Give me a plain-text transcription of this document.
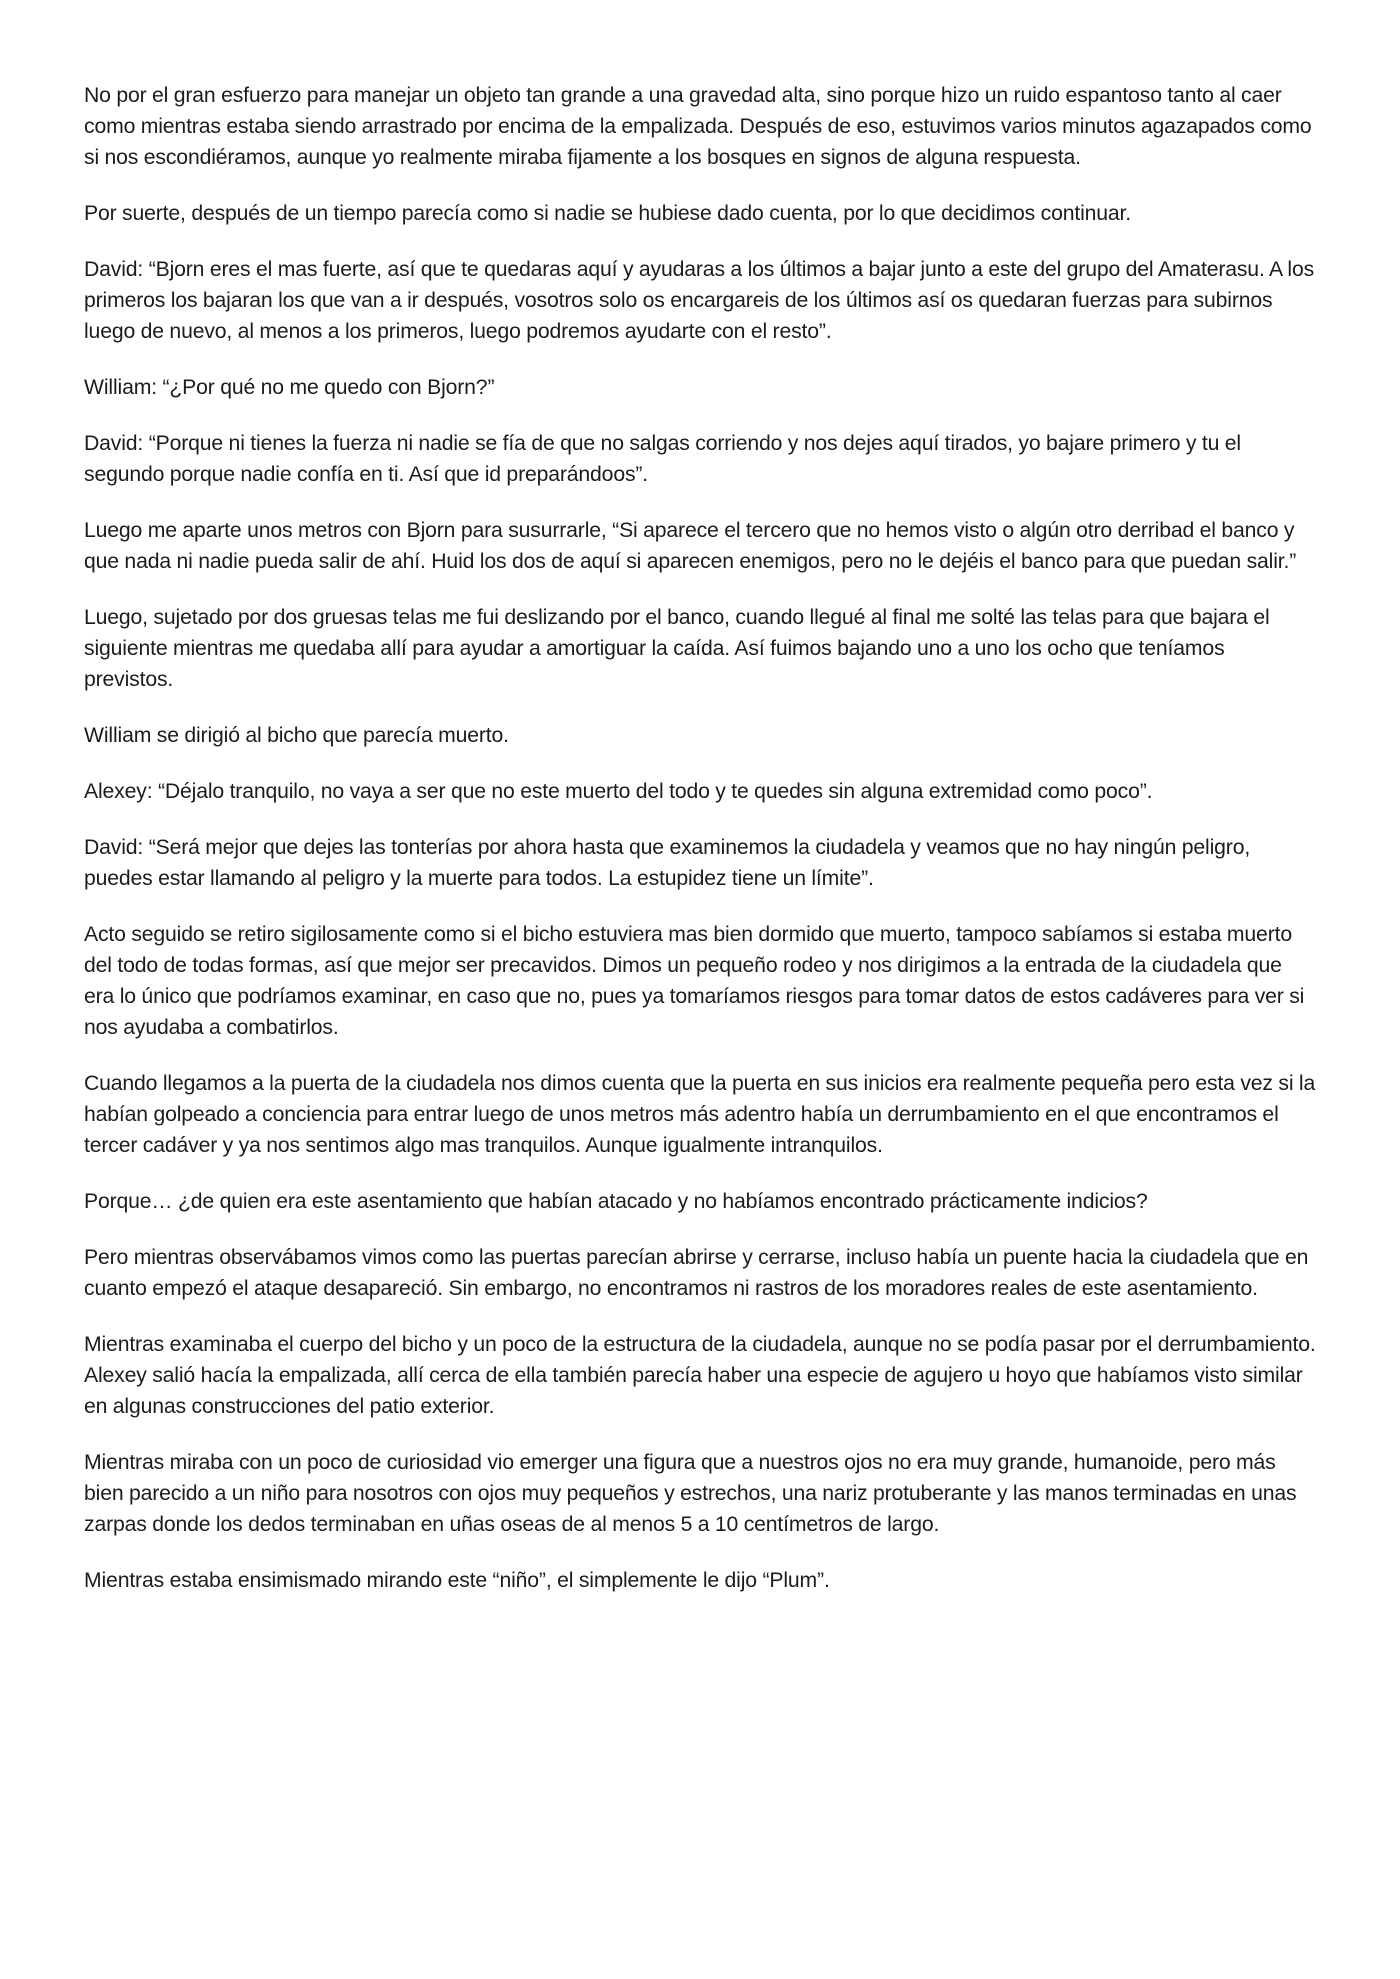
No por el gran esfuerzo para manejar un objeto tan grande a una gravedad alta, sino porque hizo un ruido espantoso tanto al caer como mientras estaba siendo arrastrado por encima de la empalizada. Después de eso, estuvimos varios minutos agazapados como si nos escondiéramos, aunque yo realmente miraba fijamente a los bosques en signos de alguna respuesta.

Por suerte, después de un tiempo parecía como si nadie se hubiese dado cuenta, por lo que decidimos continuar.

David: “Bjorn eres el mas fuerte, así que te quedaras aquí y ayudaras a los últimos a bajar junto a este del grupo del Amaterasu. A los primeros los bajaran los que van a ir después, vosotros solo os encargareis de los últimos así os quedaran fuerzas para subirnos luego de nuevo, al menos a los primeros, luego podremos ayudarte con el resto”.

William: “¿Por qué no me quedo con Bjorn?”

David: “Porque ni tienes la fuerza ni nadie se fía de que no salgas corriendo y nos dejes aquí tirados, yo bajare primero y tu el segundo porque nadie confía en ti. Así que id preparándoos”.

Luego me aparte unos metros con Bjorn para susurrarle, “Si aparece el tercero que no hemos visto o algún otro derribad el banco y que nada ni nadie pueda salir de ahí. Huid los dos de aquí si aparecen enemigos, pero no le dejéis el banco para que puedan salir.”

Luego, sujetado por dos gruesas telas me fui deslizando por el banco, cuando llegué al final me solté las telas para que bajara el siguiente mientras me quedaba allí para ayudar a amortiguar la caída. Así fuimos bajando uno a uno los ocho que teníamos previstos.

William se dirigió al bicho que parecía muerto.

Alexey: “Déjalo tranquilo, no vaya a ser que no este muerto del todo y te quedes sin alguna extremidad como poco”.

David: “Será mejor que dejes las tonterías por ahora hasta que examinemos la ciudadela y veamos que no hay ningún peligro, puedes estar llamando al peligro y la muerte para todos. La estupidez tiene un límite”.

Acto seguido se retiro sigilosamente como si el bicho estuviera mas bien dormido que muerto, tampoco sabíamos si estaba muerto del todo de todas formas, así que mejor ser precavidos. Dimos un pequeño rodeo y nos dirigimos a la entrada de la ciudadela que era lo único que podríamos examinar, en caso que no, pues ya tomaríamos riesgos para tomar datos de estos cadáveres para ver si nos ayudaba a combatirlos.

Cuando llegamos a la puerta de la ciudadela nos dimos cuenta que la puerta en sus inicios era realmente pequeña pero esta vez si la habían golpeado a conciencia para entrar luego de unos metros más adentro había un derrumbamiento en el que encontramos el tercer cadáver y ya nos sentimos algo mas tranquilos. Aunque igualmente intranquilos.

Porque… ¿de quien era este asentamiento que habían atacado y no habíamos encontrado prácticamente indicios?

Pero mientras observábamos vimos como las puertas parecían abrirse y cerrarse, incluso había un puente hacia la ciudadela que en cuanto empezó el ataque desapareció. Sin embargo, no encontramos ni rastros de los moradores reales de este asentamiento.

Mientras examinaba el cuerpo del bicho y un poco de la estructura de la ciudadela, aunque no se podía pasar por el derrumbamiento. Alexey salió hacía la empalizada, allí cerca de ella también parecía haber una especie de agujero u hoyo que habíamos visto similar en algunas construcciones del patio exterior.

Mientras miraba con un poco de curiosidad vio emerger una figura que a nuestros ojos no era muy grande, humanoide, pero más bien parecido a un niño para nosotros con ojos muy pequeños y estrechos, una nariz protuberante y las manos terminadas en unas zarpas donde los dedos terminaban en uñas oseas de al menos 5 a 10 centímetros de largo.

Mientras estaba ensimismado mirando este “niño”, el simplemente le dijo “Plum”.
